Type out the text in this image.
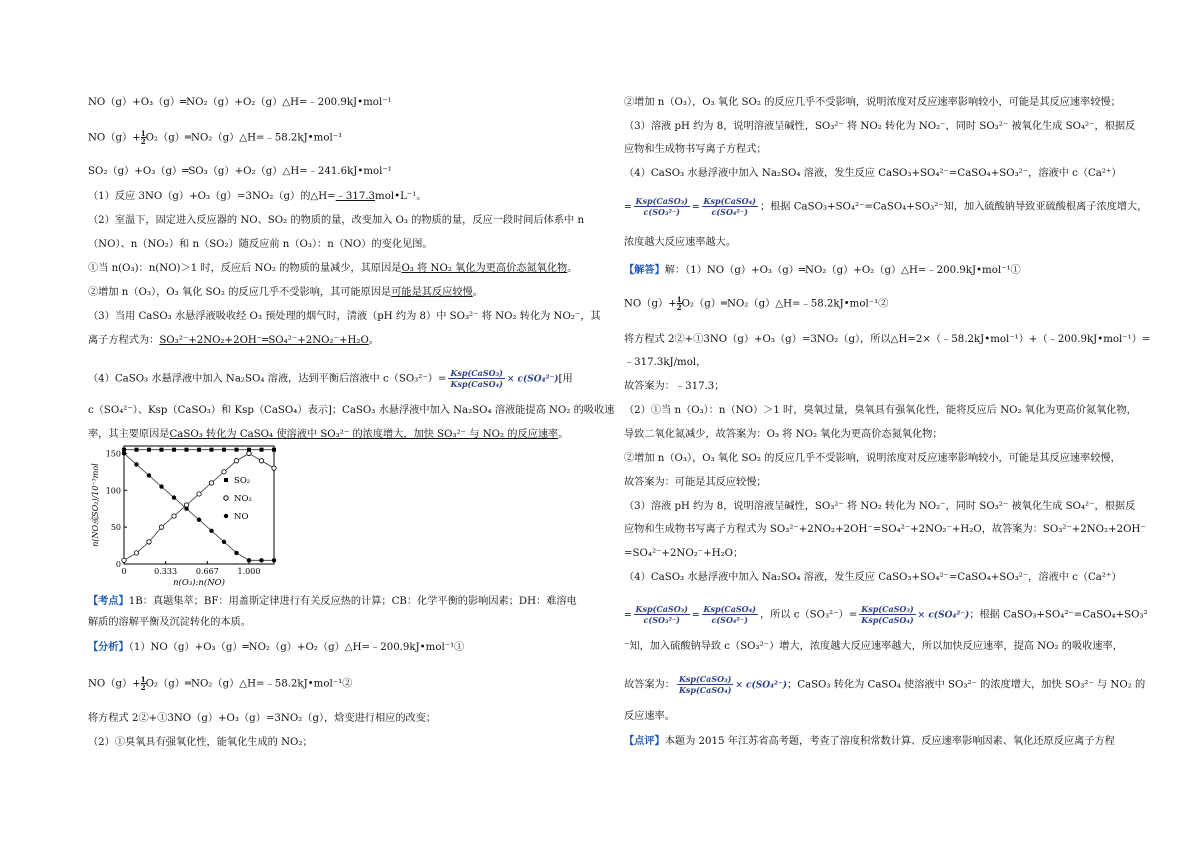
NO（g）+O₃（g）═NO₂（g）+O₂（g）△H=﹣200.9kJ•mol⁻¹
$NO(g)+ \frac{1}{2}O_2(g)═NO_2(g)\triangle H=﹣58.2kJ•mol^{-1}$
SO₂（g）+O₃（g）═SO₃（g）+O₂（g）△H=﹣241.6kJ•mol⁻¹
（1）反应 3NO（g）+O₃（g）=3NO₂（g）的△H=﹣317.3mol•L⁻¹。
（2）室温下，固定进入反应器的 NO、SO₂ 的物质的量，改变加入 O₃ 的物质的量，反应一段时间后体系中 n
（NO）、n（NO₂）和 n（SO₂）随反应前 n（O₃）：n（NO）的变化见图。
①当 n(O₃)：n(NO)＞1 时，反应后 NO₂ 的物质的量减少，其原因是O₃ 将 NO₂ 氧化为更高价态氮氧化物。
②增加 n（O₃），O₃ 氧化 SO₂ 的反应几乎不受影响，其可能原因是可能是其反应较慢。
（3）当用 CaSO₃ 水悬浮液吸收经 O₃ 预处理的烟气时，清液（pH 约为 8）中 SO₃²⁻ 将 NO₂ 转化为 NO₂⁻，其
离子方程式为：SO₃²⁻+2NO₂+2OH⁻═SO₄²⁻+2NO₂⁻+H₂O。
（4）CaSO₃ 水悬浮液中加入 Na₂SO₄ 溶液，达到平衡后溶液中 $c(SO_3^{2-})= \frac{\text{Ksp(CaSO₃)}}{\text{Ksp(CaSO₄)}} \times c(SO_4^{2-})$[用
c（SO₄²⁻）、Ksp（CaSO₃）和 Ksp（CaSO₄）表示]；CaSO₃ 水悬浮液中加入 Na₂SO₄ 溶液能提高 NO₂ 的吸收速
率，其主要原因是CaSO₃ 转化为 CaSO₄ 使溶液中 SO₃²⁻ 的浓度增大，加快 SO₃²⁻ 与 NO₂ 的反应速率。
【考点】1B：真题集萃；BF：用盖斯定律进行有关反应热的计算；CB：化学平衡的影响因素；DH：难溶电
解质的溶解平衡及沉淀转化的本质。
【分析】（1）NO（g）+O₃（g）═NO₂（g）+O₂（g）△H=﹣200.9kJ•mol⁻¹①
$NO(g)+ \frac{1}{2}O_2(g)═NO_2(g)\triangle H=﹣58.2kJ•mol^{-1}②$
将方程式 2②+①3NO（g）+O₃（g）=3NO₂（g），焓变进行相应的改变；
（2）①臭氧具有强氧化性，能氧化生成的 NO₂；
0	0.333 0.667 1.000
0
50
100
150
n(O₃):n(NO)
n(NO或SO₂)/10⁻³mol	SO₂
NO₂
NO
②增加 n（O₃），O₃ 氧化 SO₂ 的反应几乎不受影响，说明浓度对反应速率影响较小，可能是其反应速率较慢；
（3）溶液 pH 约为 8，说明溶液呈碱性，SO₃²⁻ 将 NO₂ 转化为 NO₂⁻，同时 SO₃²⁻ 被氧化生成 SO₄²⁻，根据反
应物和生成物书写离子方程式；
（4）CaSO₃ 水悬浮液中加入 Na₂SO₄ 溶液，发生反应 CaSO₃+SO₄²⁻=CaSO₄+SO₃²⁻，溶液中 c（Ca²⁺）
= $\frac{\text{Ksp(CaSO₃)}}{\text{c(SO₃²⁻)}} = \frac{\text{Ksp(CaSO₄)}}{\text{c(SO₄²⁻)}}$ ；根据 CaSO₃+SO₄²⁻=CaSO₄+SO₃²⁻知，加入硫酸钠导致亚硫酸根离子浓度增大，
浓度越大反应速率越大。
【解答】解：（1）NO（g）+O₃（g）═NO₂（g）+O₂（g）△H=﹣200.9kJ•mol⁻¹①
$NO(g)+ \frac{1}{2}O_2(g)═NO_2(g)\triangle H=﹣58.2kJ•mol^{-1}②$
将方程式 2②+①3NO（g）+O₃（g）=3NO₂（g），所以△H=2×（﹣58.2kJ•mol⁻¹）+（﹣200.9kJ•mol⁻¹）=
﹣317.3kJ/mol，
故答案为：﹣317.3；
（2）①当 n（O₃）：n（NO）＞1 时，臭氧过量，臭氧具有强氧化性，能将反应后 NO₂ 氧化为更高价氮氧化物，
导致二氧化氮减少，故答案为：O₃ 将 NO₂ 氧化为更高价态氮氧化物；
②增加 n（O₃），O₃ 氧化 SO₂ 的反应几乎不受影响，说明浓度对反应速率影响较小，可能是其反应速率较慢，
故答案为：可能是其反应较慢；
（3）溶液 pH 约为 8，说明溶液呈碱性，SO₃²⁻ 将 NO₂ 转化为 NO₂⁻，同时 SO₃²⁻ 被氧化生成 SO₄²⁻，根据反
应物和生成物书写离子方程式为 SO₃²⁻+2NO₂+2OH⁻=SO₄²⁻+2NO₂⁻+H₂O，故答案为：SO₃²⁻+2NO₂+2OH⁻
=SO₄²⁻+2NO₂⁻+H₂O；
（4）CaSO₃ 水悬浮液中加入 Na₂SO₄ 溶液，发生反应 CaSO₃+SO₄²⁻=CaSO₄+SO₃²⁻，溶液中 c（Ca²⁺）
= $\frac{\text{Ksp(CaSO₃)}}{\text{c(SO₃²⁻)}} = \frac{\text{Ksp(CaSO₄)}}{\text{c(SO₄²⁻)}}$ ，所以 $c(SO_3^{2-})= \frac{\text{Ksp(CaSO₃)}}{\text{Ksp(CaSO₄)}} \times c(SO_4^{2-})$；根据 CaSO₃+SO₄²⁻=CaSO₄+SO₃²
⁻知，加入硫酸钠导致 c（SO₃²⁻）增大，浓度越大反应速率越大，所以加快反应速率，提高 NO₂ 的吸收速率，
故答案为： $\frac{\text{Ksp(CaSO₃)}}{\text{Ksp(CaSO₄)}} \times c(SO_4^{2-})$；CaSO₃ 转化为 CaSO₄ 使溶液中 SO₃²⁻ 的浓度增大，加快 SO₃²⁻ 与 NO₂ 的
反应速率。
【点评】本题为 2015 年江苏省高考题，考查了溶度积常数计算、反应速率影响因素、氧化还原反应离子方程
